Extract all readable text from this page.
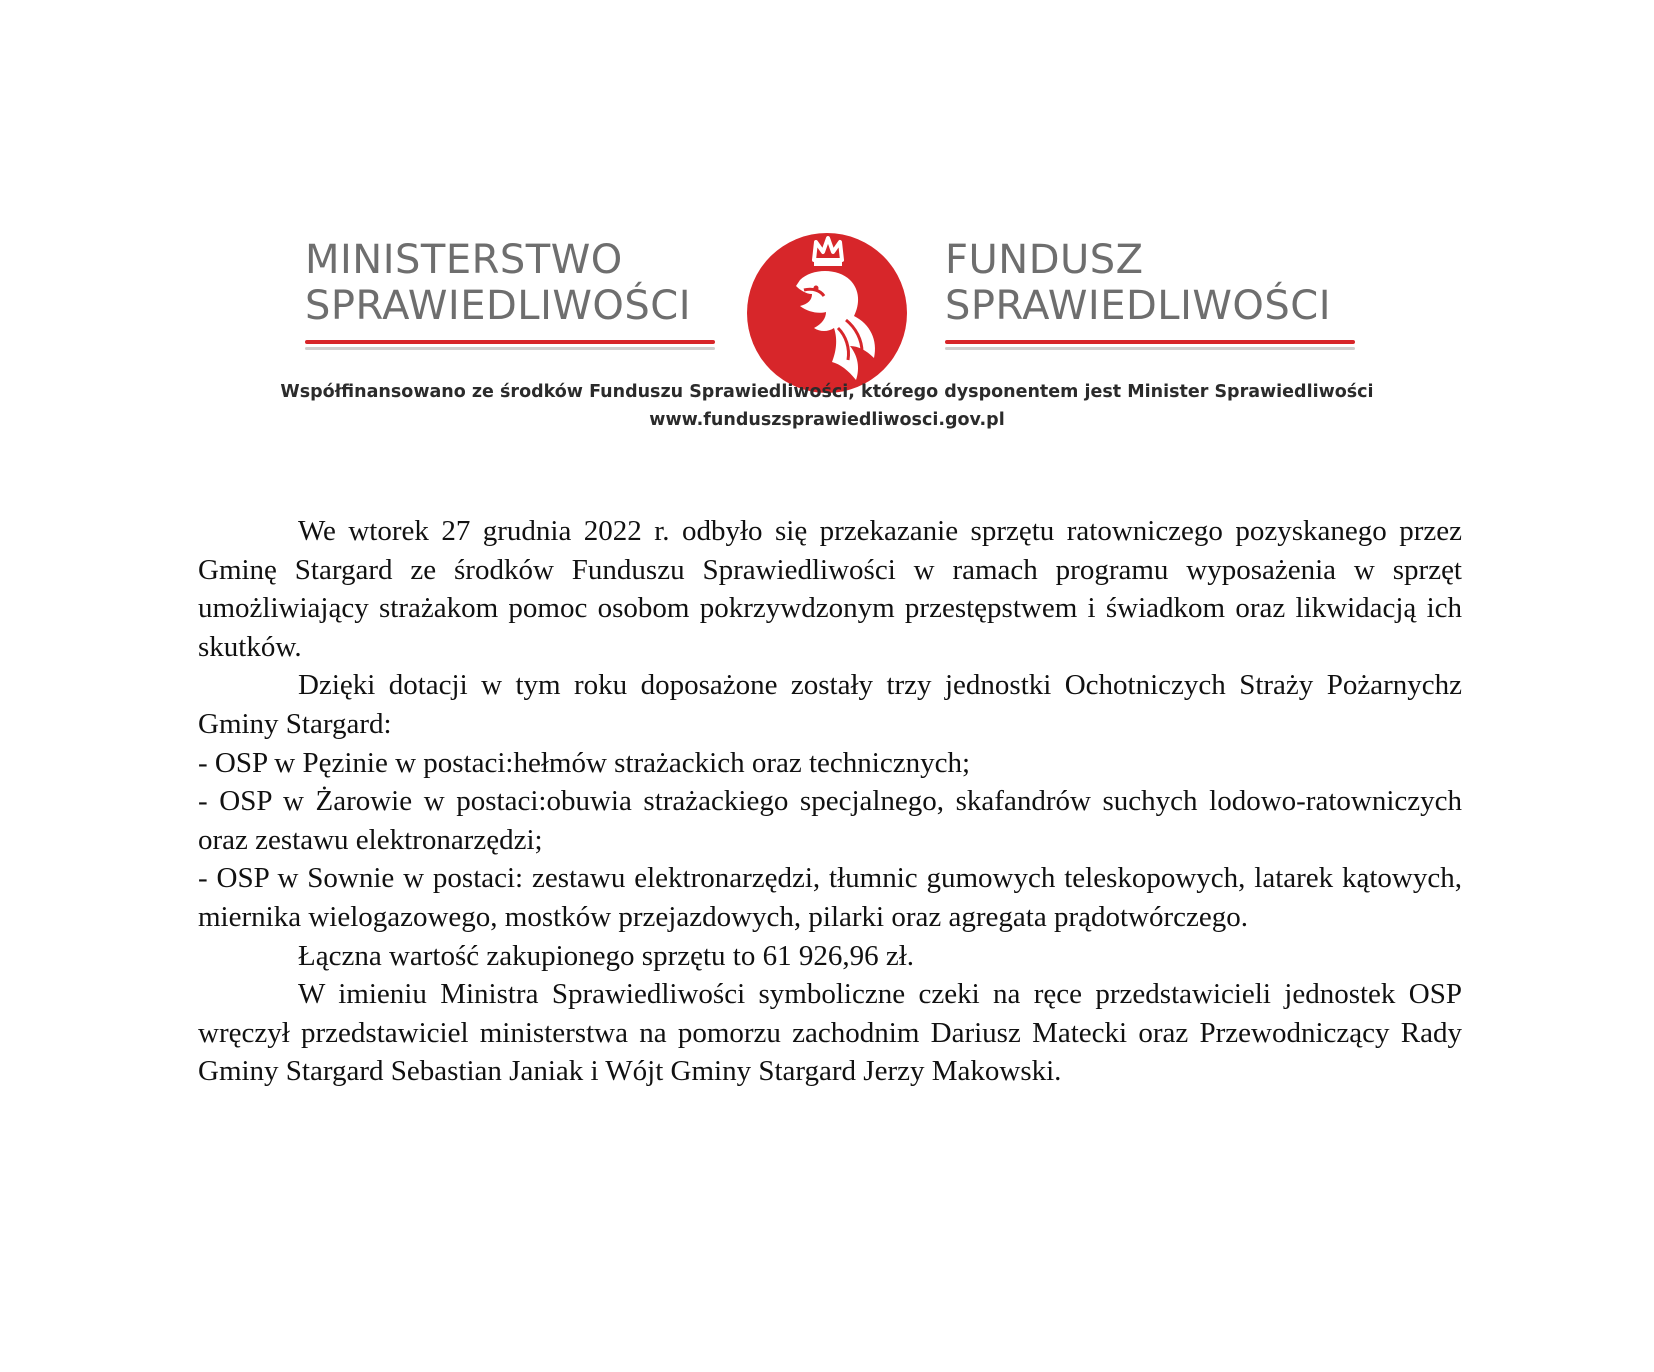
MINISTERSTWO
SPRAWIEDLIWOŚCI
FUNDUSZ
SPRAWIEDLIWOŚCI
Współfinansowano ze środków Funduszu Sprawiedliwości, którego dysponentem jest Minister Sprawiedliwości
www.funduszsprawiedliwosci.gov.pl

We wtorek 27 grudnia 2022 r. odbyło się przekazanie sprzętu ratowniczego pozyskanego przez Gminę Stargard ze środków Funduszu Sprawiedliwości w ramach programu wyposażenia w sprzęt umożliwiający strażakom pomoc osobom pokrzywdzonym przestępstwem i świadkom oraz likwidacją ich skutków.

Dzięki dotacji w tym roku doposażone zostały trzy jednostki Ochotniczych Straży Pożarnychz Gminy Stargard:

- OSP w Pęzinie w postaci:hełmów strażackich oraz technicznych;

- OSP w Żarowie w postaci:obuwia strażackiego specjalnego, skafandrów suchych lodowo-ratowniczych oraz zestawu elektronarzędzi;

- OSP w Sownie w postaci: zestawu elektronarzędzi, tłumnic gumowych teleskopowych, latarek kątowych, miernika wielogazowego, mostków przejazdowych, pilarki oraz agregata prądotwórczego.

Łączna wartość zakupionego sprzętu to 61 926,96 zł.

W imieniu Ministra Sprawiedliwości symboliczne czeki na ręce przedstawicieli jednostek OSP wręczył przedstawiciel ministerstwa na pomorzu zachodnim Dariusz Matecki oraz Przewodniczący Rady Gminy Stargard Sebastian Janiak i Wójt Gminy Stargard Jerzy Makowski.
